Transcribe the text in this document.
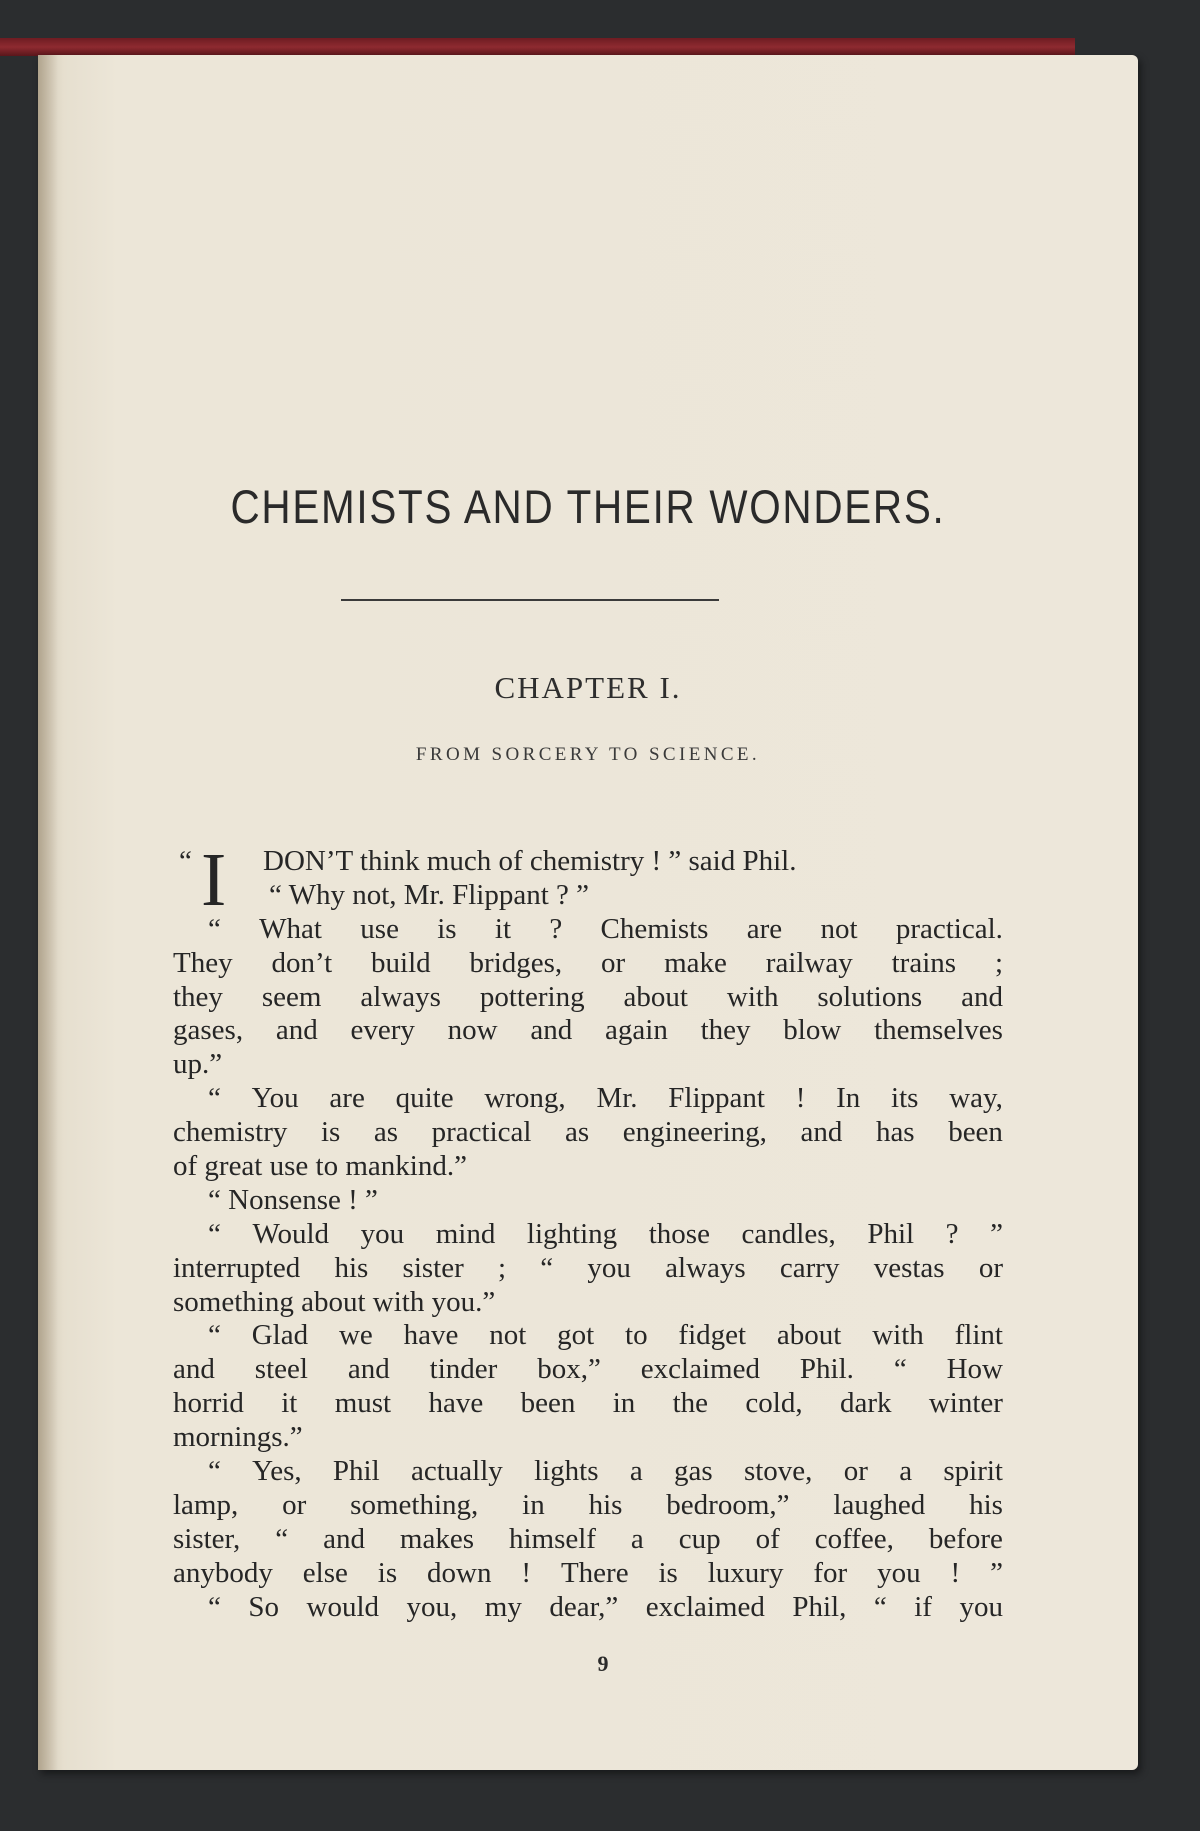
CHEMISTS AND THEIR WONDERS.
CHAPTER I.
FROM SORCERY TO SCIENCE.
“ I DON’T think much of chemistry ! ” said Phil.
“ Why not, Mr. Flippant ? ”
“ What use is it ? Chemists are not practical.
They don’t build bridges, or make railway trains ;
they seem always pottering about with solutions and
gases, and every now and again they blow themselves
up.”
“ You are quite wrong, Mr. Flippant ! In its way,
chemistry is as practical as engineering, and has been
of great use to mankind.”
“ Nonsense ! ”
“ Would you mind lighting those candles, Phil ? ”
interrupted his sister ; “ you always carry vestas or
something about with you.”
“ Glad we have not got to fidget about with flint
and steel and tinder box,” exclaimed Phil. “ How
horrid it must have been in the cold, dark winter
mornings.”
“ Yes, Phil actually lights a gas stove, or a spirit
lamp, or something, in his bedroom,” laughed his
sister, “ and makes himself a cup of coffee, before
anybody else is down ! There is luxury for you ! ”
“ So would you, my dear,” exclaimed Phil, “ if you
9
